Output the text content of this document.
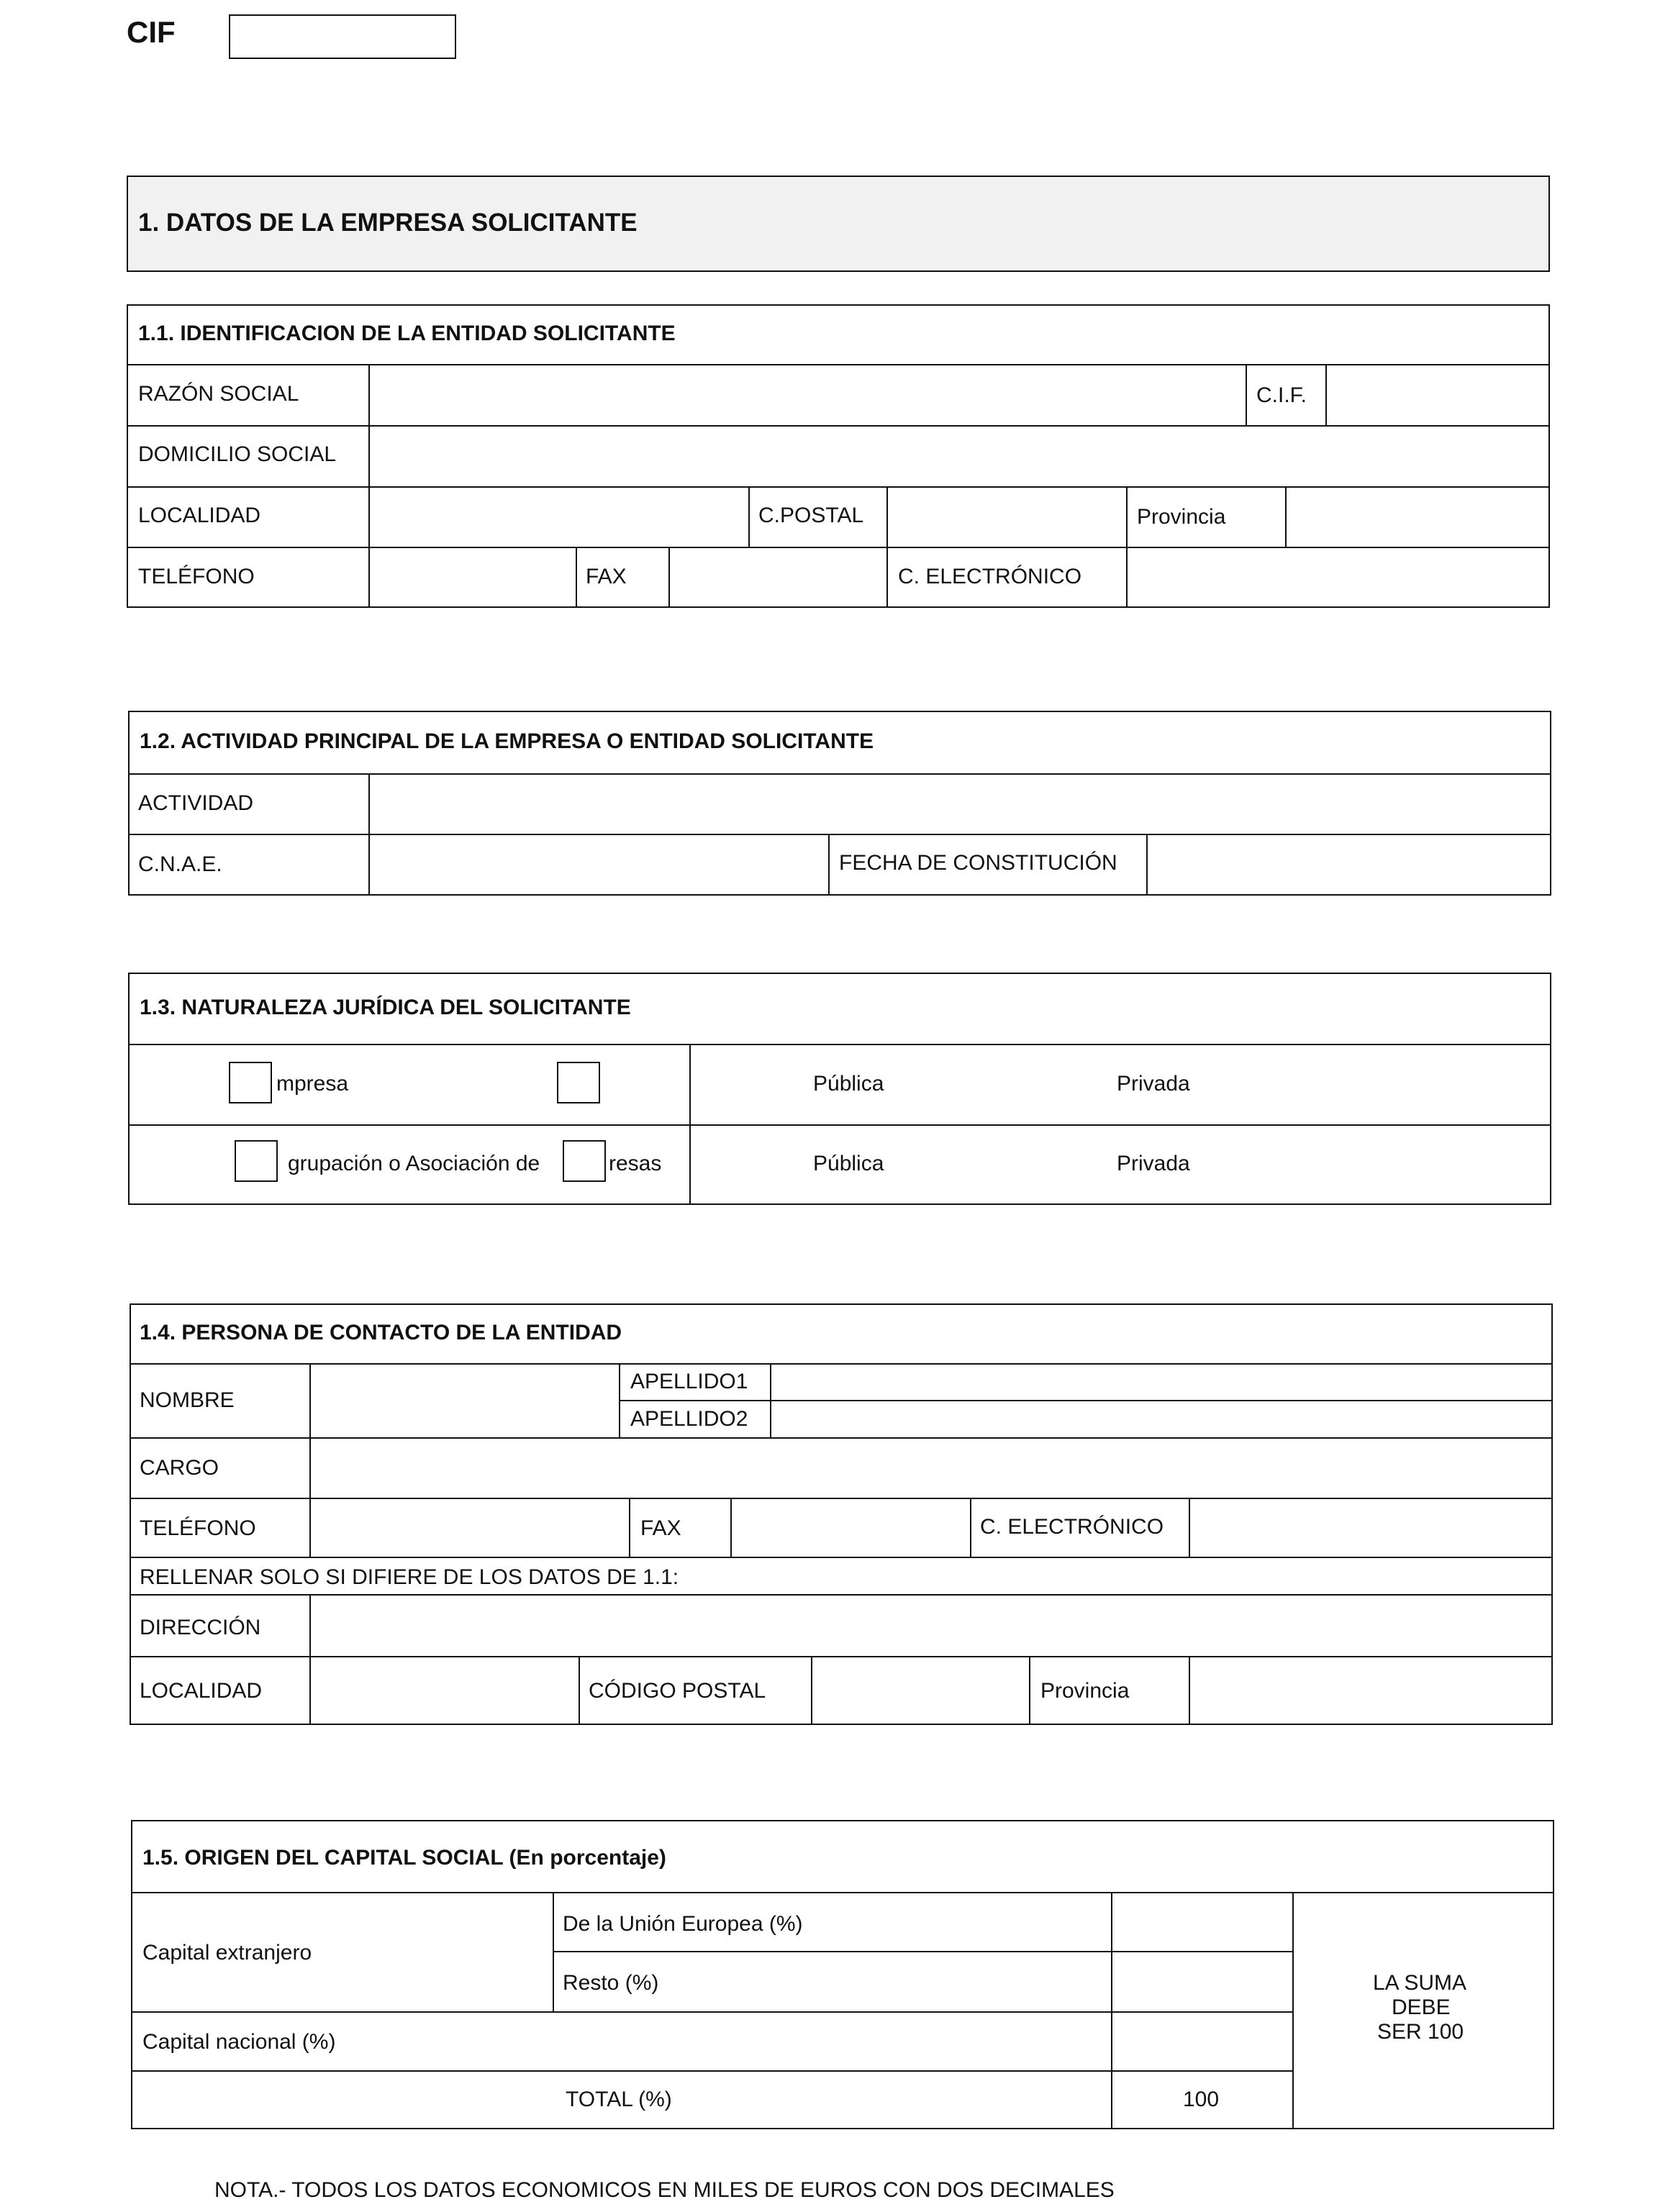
CIF
1. DATOS DE LA EMPRESA SOLICITANTE
1.1. IDENTIFICACION DE LA ENTIDAD SOLICITANTE
RAZÓN SOCIAL	C.I.F.
DOMICILIO SOCIAL
LOCALIDAD	C.POSTAL	Provincia
TELÉFONO	FAX	C. ELECTRÓNICO
1.2. ACTIVIDAD PRINCIPAL DE LA EMPRESA O ENTIDAD SOLICITANTE
ACTIVIDAD
C.N.A.E.	FECHA DE CONSTITUCIÓN
1.3. NATURALEZA JURÍDICA DEL SOLICITANTE
mpresa	Pública	Privada
grupación o Asociación de	resas	Pública	Privada
1.4. PERSONA DE CONTACTO DE LA ENTIDAD
NOMBRE
APELLIDO1
APELLIDO2
CARGO
TELÉFONO	FAX	C. ELECTRÓNICO
RELLENAR SOLO SI DIFIERE DE LOS DATOS DE 1.1:
DIRECCIÓN
LOCALIDAD	CÓDIGO POSTAL	Provincia
1.5. ORIGEN DEL CAPITAL SOCIAL (En porcentaje)
Capital extranjero
De la Unión Europea (%)
Resto (%)
Capital nacional (%)
TOTAL (%)	100
LA SUMA
DEBE
SER 100
NOTA.- TODOS LOS DATOS ECONOMICOS EN MILES DE EUROS CON DOS DECIMALES
